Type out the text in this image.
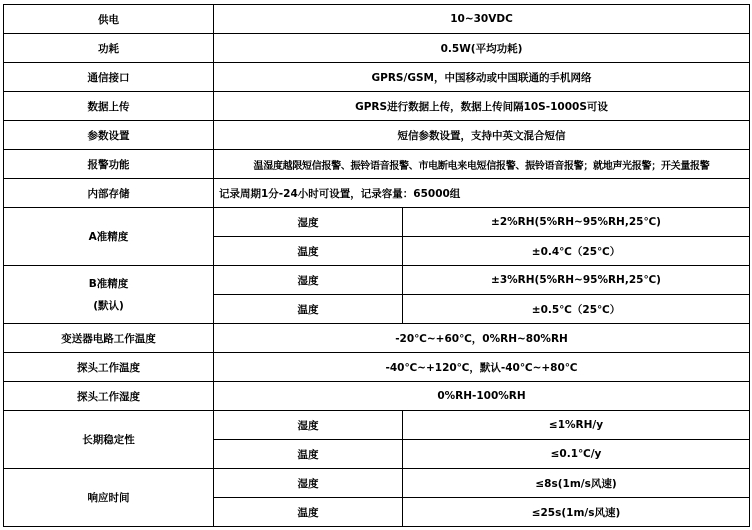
供电	10~30VDC	
功耗	0.5W(平均功耗)	
通信接口	GPRS/GSM，中国移动或中国联通的手机网络	
数据上传	GPRS进行数据上传，数据上传间隔10S-1000S可设	
参数设置	短信参数设置，支持中英文混合短信	
报警功能	温湿度越限短信报警、振铃语音报警、市电断电来电短信报警、振铃语音报警；就地声光报警；开关量报警	
内部存储	记录周期1分-24小时可设置，记录容量：65000组	
A准精度	湿度	±2%RH(5%RH~95%RH,25℃)
	温度	±0.4℃（25℃）

B准精度
(默认)	湿度	±3%RH(5%RH~95%RH,25℃)
	温度	±0.5℃（25℃）
变送器电路工作温度	-20℃~+60℃，0%RH~80%RH	
探头工作温度	-40℃~+120℃，默认-40℃~+80℃	
探头工作湿度	0%RH-100%RH	
长期稳定性	湿度	≤1%RH/y
	温度	≤0.1℃/y
响应时间	湿度	≤8s(1m/s风速)
	温度	≤25s(1m/s风速)
